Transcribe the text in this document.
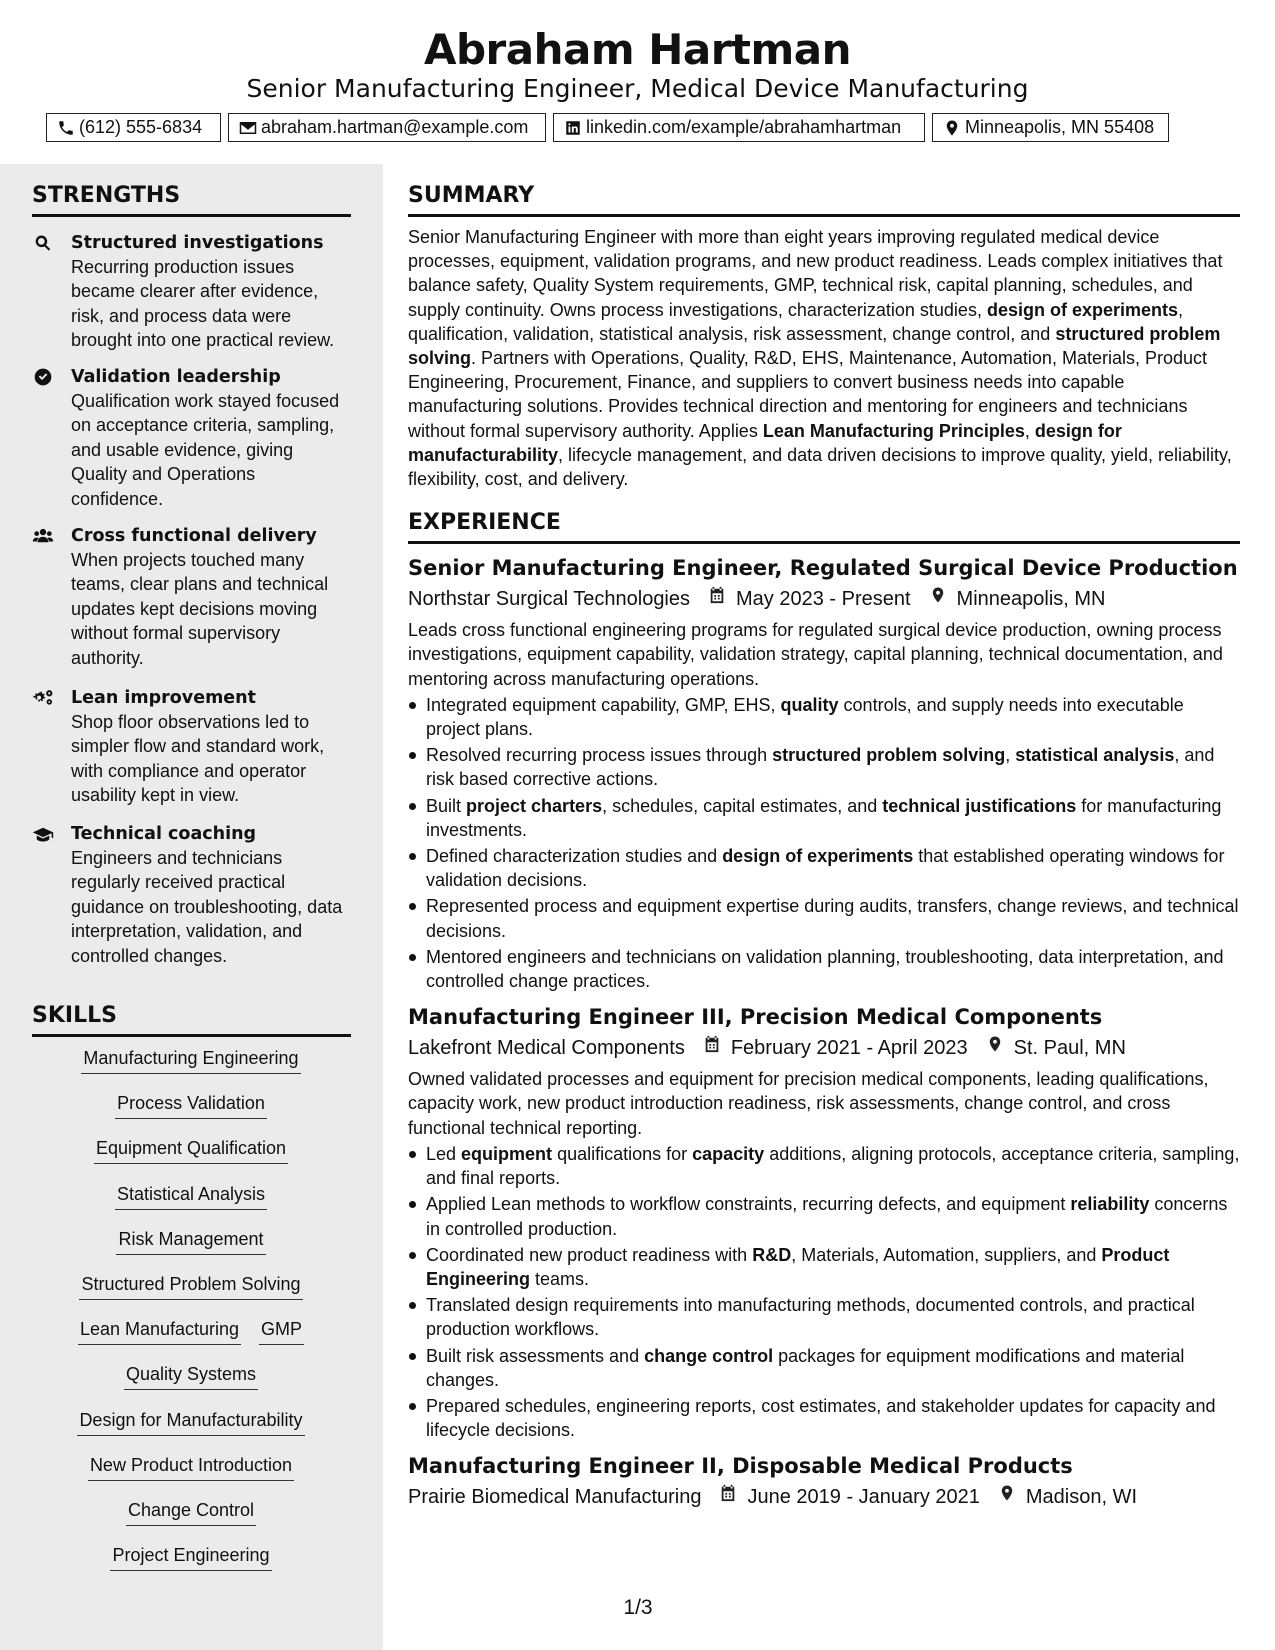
Abraham Hartman
Senior Manufacturing Engineer, Medical Device Manufacturing
(612) 555-6834	abraham.hartman@example.com	linkedin.com/example/abrahamhartman	Minneapolis, MN 55408
STRENGTHS
Structured investigations
Recurring production issues became clearer after evidence, risk, and process data were brought into one practical review.
Validation leadership
Qualification work stayed focused on acceptance criteria, sampling, and usable evidence, giving Quality and Operations confidence.
Cross functional delivery
When projects touched many teams, clear plans and technical updates kept decisions moving without formal supervisory authority.
Lean improvement
Shop floor observations led to simpler flow and standard work, with compliance and operator usability kept in view.
Technical coaching
Engineers and technicians regularly received practical guidance on troubleshooting, data interpretation, validation, and controlled changes.
SKILLS
Manufacturing Engineering
Process Validation
Equipment Qualification
Statistical Analysis
Risk Management
Structured Problem Solving
Lean Manufacturing GMP
Quality Systems
Design for Manufacturability
New Product Introduction
Change Control
Project Engineering
SUMMARY
Senior Manufacturing Engineer with more than eight years improving regulated medical device processes, equipment, validation programs, and new product readiness. Leads complex initiatives that balance safety, Quality System requirements, GMP, technical risk, capital planning, schedules, and supply continuity. Owns process investigations, characterization studies, design of experiments, qualification, validation, statistical analysis, risk assessment, change control, and structured problem solving. Partners with Operations, Quality, R&D, EHS, Maintenance, Automation, Materials, Product Engineering, Procurement, Finance, and suppliers to convert business needs into capable manufacturing solutions. Provides technical direction and mentoring for engineers and technicians without formal supervisory authority. Applies Lean Manufacturing Principles, design for manufacturability, lifecycle management, and data driven decisions to improve quality, yield, reliability, flexibility, cost, and delivery.
EXPERIENCE
Senior Manufacturing Engineer, Regulated Surgical Device Production
Northstar Surgical Technologies May 2023 - Present Minneapolis, MN
Leads cross functional engineering programs for regulated surgical device production, owning process investigations, equipment capability, validation strategy, capital planning, technical documentation, and mentoring across manufacturing operations.
Integrated equipment capability, GMP, EHS, quality controls, and supply needs into executable project plans.
Resolved recurring process issues through structured problem solving, statistical analysis, and risk based corrective actions.
Built project charters, schedules, capital estimates, and technical justifications for manufacturing investments.
Defined characterization studies and design of experiments that established operating windows for validation decisions.
Represented process and equipment expertise during audits, transfers, change reviews, and technical decisions.
Mentored engineers and technicians on validation planning, troubleshooting, data interpretation, and controlled change practices.
Manufacturing Engineer III, Precision Medical Components
Lakefront Medical Components February 2021 - April 2023 St. Paul, MN
Owned validated processes and equipment for precision medical components, leading qualifications, capacity work, new product introduction readiness, risk assessments, change control, and cross functional technical reporting.
Led equipment qualifications for capacity additions, aligning protocols, acceptance criteria, sampling, and final reports.
Applied Lean methods to workflow constraints, recurring defects, and equipment reliability concerns in controlled production.
Coordinated new product readiness with R&D, Materials, Automation, suppliers, and Product Engineering teams.
Translated design requirements into manufacturing methods, documented controls, and practical production workflows.
Built risk assessments and change control packages for equipment modifications and material changes.
Prepared schedules, engineering reports, cost estimates, and stakeholder updates for capacity and lifecycle decisions.
Manufacturing Engineer II, Disposable Medical Products
Prairie Biomedical Manufacturing June 2019 - January 2021 Madison, WI
1/3
